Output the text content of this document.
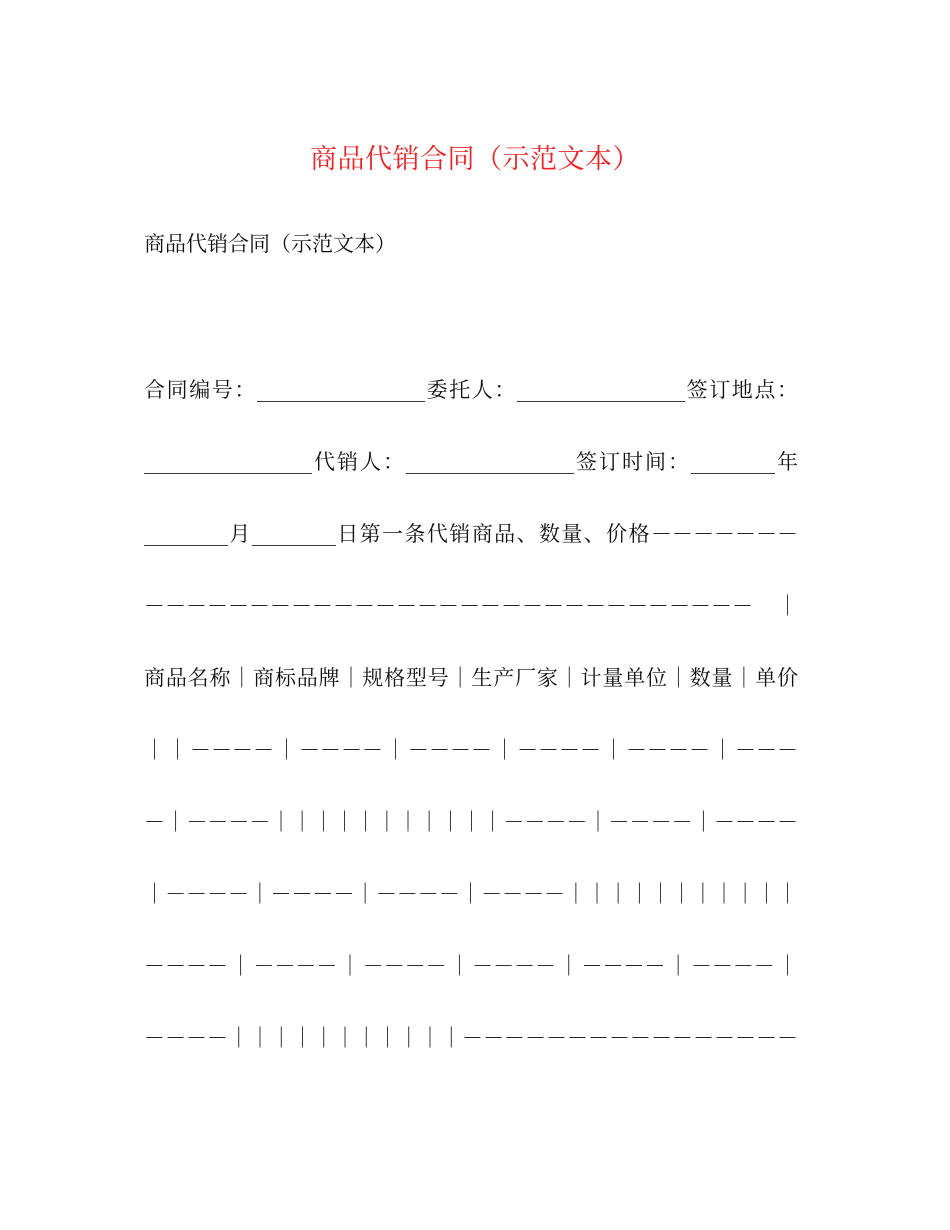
商品代销合同（示范文本）
商品代销合同（示范文本）
合同编号：________________委托人：________________签订地点：
________________代销人：________________签订时间：________年
________月________日第一条代销商品、数量、价格－－－－－－－
－－－－－－－－－－－－－－－－－－－－－－－－－－－－－｜
商品名称｜商标品牌｜规格型号｜生产厂家｜计量单位｜数量｜单价
｜｜－－－－｜－－－－｜－－－－｜－－－－｜－－－－｜－－－
－｜－－－－｜｜｜｜｜｜｜｜｜｜｜－－－－｜－－－－｜－－－－
｜－－－－｜－－－－｜－－－－｜－－－－｜｜｜｜｜｜｜｜｜｜｜
－－－－｜－－－－｜－－－－｜－－－－｜－－－－｜－－－－｜
－－－－｜｜｜｜｜｜｜｜｜｜｜－－－－－－－－－－－－－－－－
